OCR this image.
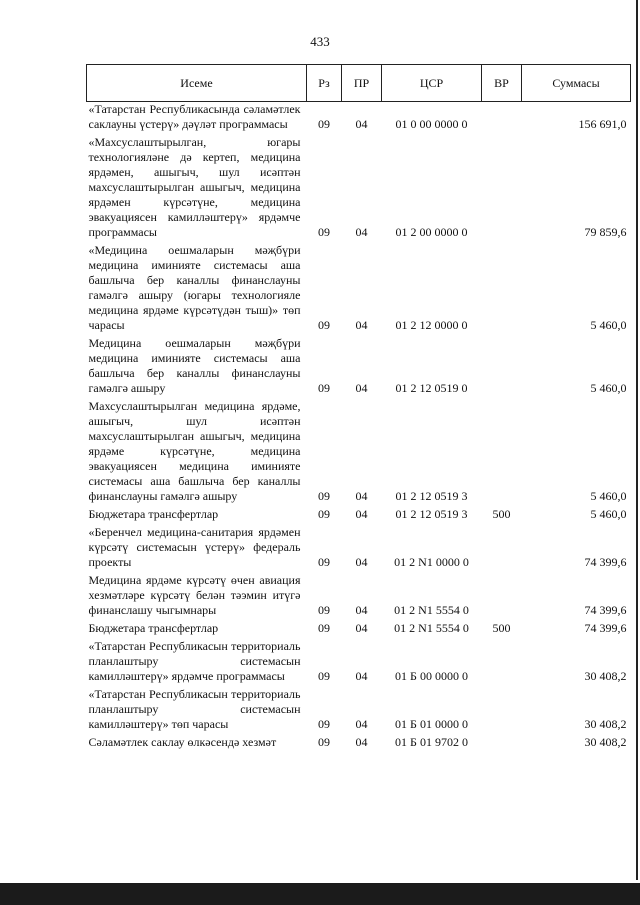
433
Исеме	Рз	ПР	ЦСР	ВР	Суммасы
«Татарстан Республикасында сәламәтлек саклауны үстерү» дәүләт программасы	09	04	01 0 00 0000 0		156 691,0
«Махсуслаштырылган, югары технологияләне дә кертеп, медицина ярдәмен, ашыгыч, шул исәптән махсуслаштырылган ашыгыч, медицина ярдәмен күрсәтүне, медицина эвакуациясен камилләштерү» ярдәмче программасы	09	04	01 2 00 0000 0		79 859,6
«Медицина оешмаларын мәҗбүри медицина иминияте системасы аша башлыча бер каналлы финанслауны гамәлгә ашыру (югары технологияле медицина ярдәме күрсәтүдән тыш)» төп чарасы	09	04	01 2 12 0000 0		5 460,0
Медицина оешмаларын мәҗбүри медицина иминияте системасы аша башлыча бер каналлы финанслауны гамәлгә ашыру	09	04	01 2 12 0519 0		5 460,0
Махсуслаштырылган медицина ярдәме, ашыгыч, шул исәптән махсуслаштырылган ашыгыч, медицина ярдәме күрсәтүне, медицина эвакуациясен медицина иминияте системасы аша башлыча бер каналлы финанслауны гамәлгә ашыру	09	04	01 2 12 0519 3		5 460,0
Бюджетара трансфертлар	09	04	01 2 12 0519 3	500	5 460,0
«Беренчел медицина-санитария ярдәмен күрсәтү системасын үстерү» федераль проекты	09	04	01 2 N1 0000 0		74 399,6
Медицина ярдәме күрсәтү өчен авиация хезмәтләре күрсәтү белән тәэмин итүгә финанслашу чыгымнары	09	04	01 2 N1 5554 0		74 399,6
Бюджетара трансфертлар	09	04	01 2 N1 5554 0	500	74 399,6
«Татарстан Республикасын территориаль планлаштыру системасын камилләштерү» ярдәмче программасы	09	04	01 Б 00 0000 0		30 408,2
«Татарстан Республикасын территориаль планлаштыру системасын камилләштерү» төп чарасы	09	04	01 Б 01 0000 0		30 408,2
Сәламәтлек саклау өлкәсендә хезмәт	09	04	01 Б 01 9702 0		30 408,2
